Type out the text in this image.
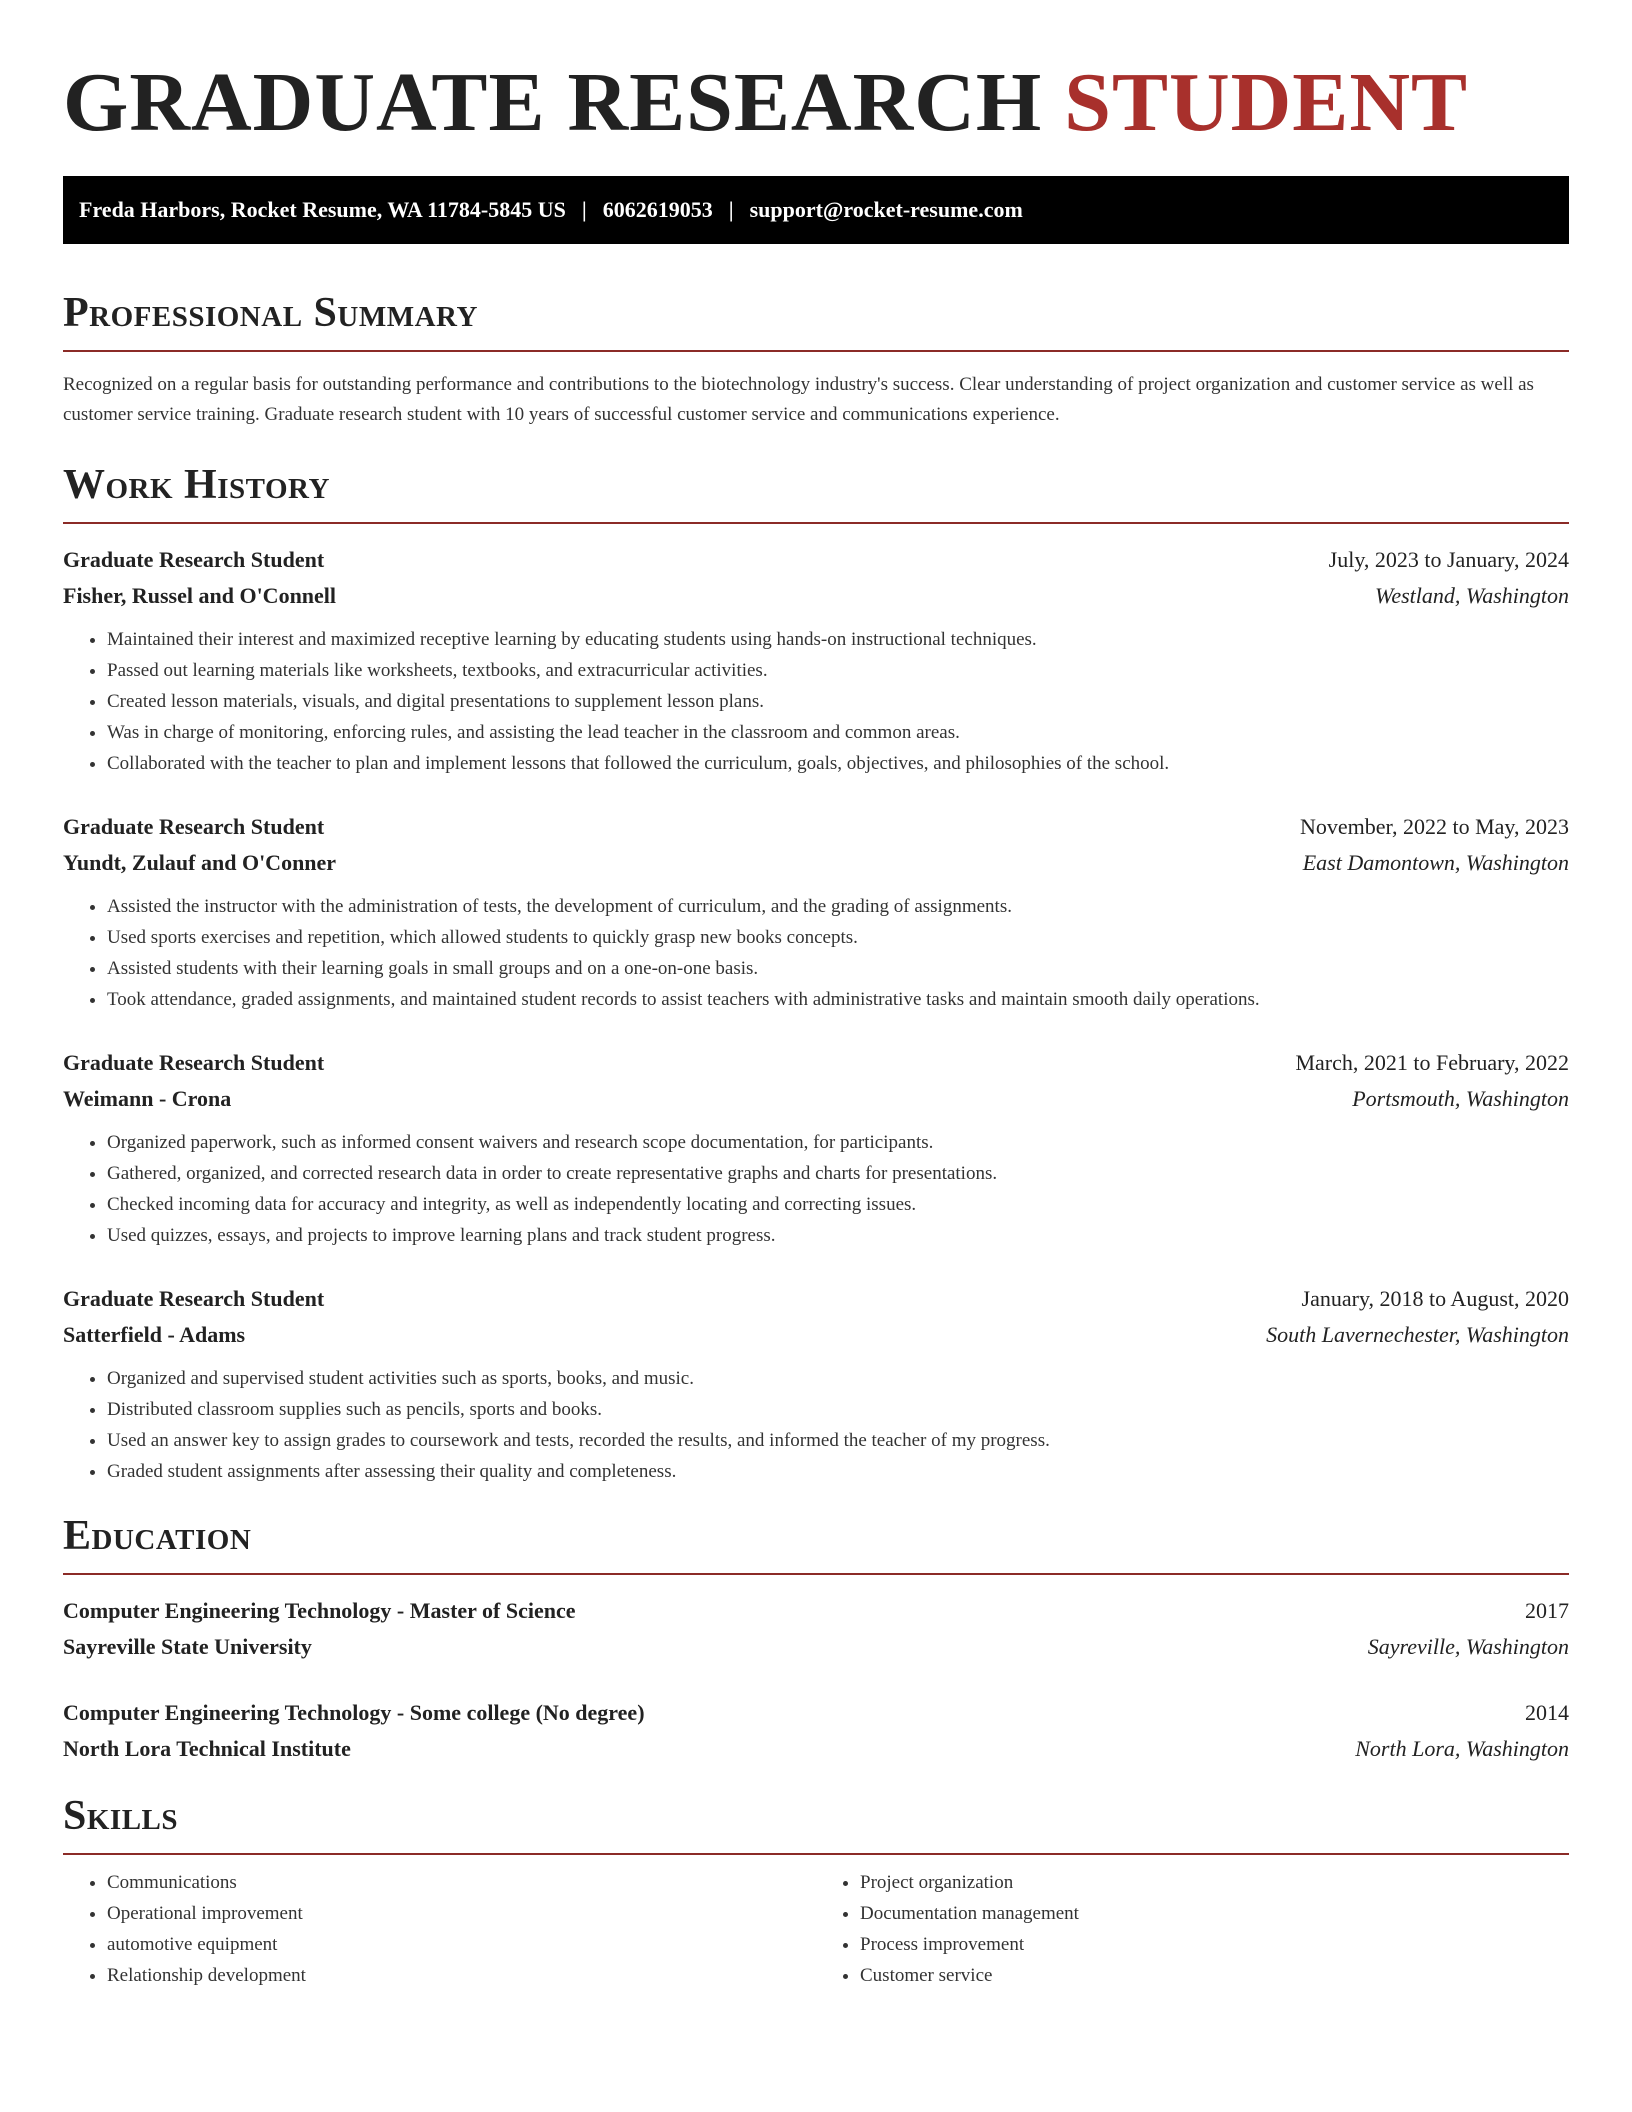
GRADUATE RESEARCH STUDENT
Freda Harbors, Rocket Resume, WA 11784-5845 US | 6062619053 | support@rocket-resume.com
Professional Summary

Recognized on a regular basis for outstanding performance and contributions to the biotechnology industry's success. Clear understanding of project organization and customer service as well as customer service training. Graduate research student with 10 years of successful customer service and communications experience.

Work History
Graduate Research Student	July, 2023 to January, 2024
Fisher, Russel and O'Connell	Westland, Washington
• Maintained their interest and maximized receptive learning by educating students using hands-on instructional techniques.
• Passed out learning materials like worksheets, textbooks, and extracurricular activities.
• Created lesson materials, visuals, and digital presentations to supplement lesson plans.
• Was in charge of monitoring, enforcing rules, and assisting the lead teacher in the classroom and common areas.
• Collaborated with the teacher to plan and implement lessons that followed the curriculum, goals, objectives, and philosophies of the school.
Graduate Research Student	November, 2022 to May, 2023
Yundt, Zulauf and O'Conner	East Damontown, Washington
• Assisted the instructor with the administration of tests, the development of curriculum, and the grading of assignments.
• Used sports exercises and repetition, which allowed students to quickly grasp new books concepts.
• Assisted students with their learning goals in small groups and on a one-on-one basis.
• Took attendance, graded assignments, and maintained student records to assist teachers with administrative tasks and maintain smooth daily operations.
Graduate Research Student	March, 2021 to February, 2022
Weimann - Crona	Portsmouth, Washington
• Organized paperwork, such as informed consent waivers and research scope documentation, for participants.
• Gathered, organized, and corrected research data in order to create representative graphs and charts for presentations.
• Checked incoming data for accuracy and integrity, as well as independently locating and correcting issues.
• Used quizzes, essays, and projects to improve learning plans and track student progress.
Graduate Research Student	January, 2018 to August, 2020
Satterfield - Adams	South Lavernechester, Washington
• Organized and supervised student activities such as sports, books, and music.
• Distributed classroom supplies such as pencils, sports and books.
• Used an answer key to assign grades to coursework and tests, recorded the results, and informed the teacher of my progress.
• Graded student assignments after assessing their quality and completeness.
Education
Computer Engineering Technology - Master of Science	2017
Sayreville State University	Sayreville, Washington
Computer Engineering Technology - Some college (No degree)	2014
North Lora Technical Institute	North Lora, Washington
Skills
• Communications
• Operational improvement
• automotive equipment
• Relationship development
• Project organization
• Documentation management
• Process improvement
• Customer service
